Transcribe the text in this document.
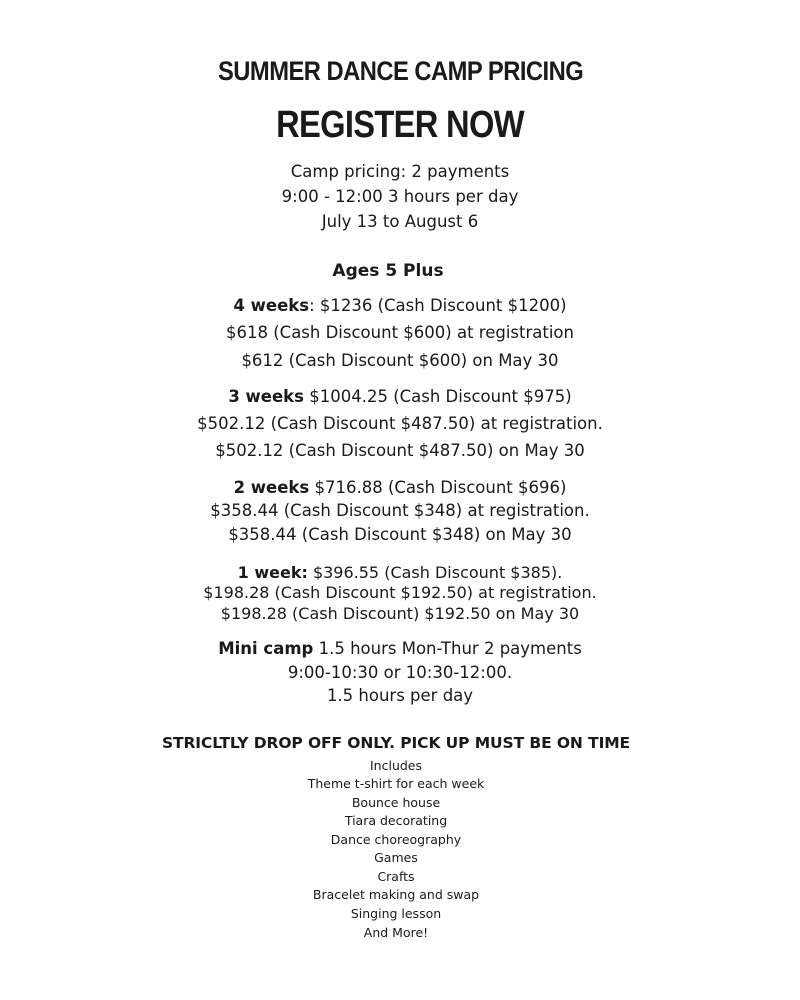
SUMMER DANCE CAMP PRICING
REGISTER NOW
Camp pricing: 2 payments
9:00 - 12:00 3 hours per day
July 13 to August 6
Ages 5 Plus
4 weeks: $1236 (Cash Discount $1200)
$618 (Cash Discount $600) at registration
$612 (Cash Discount $600) on May 30
3 weeks $1004.25 (Cash Discount $975)
$502.12 (Cash Discount $487.50) at registration.
$502.12 (Cash Discount $487.50) on May 30
2 weeks $716.88 (Cash Discount $696)
$358.44 (Cash Discount $348) at registration.
$358.44 (Cash Discount $348) on May 30
1 week: $396.55 (Cash Discount $385).
$198.28 (Cash Discount $192.50) at registration.
$198.28 (Cash Discount) $192.50 on May 30
Mini camp 1.5 hours Mon-Thur 2 payments
9:00-10:30 or 10:30-12:00.
1.5 hours per day
STRICLTLY DROP OFF ONLY. PICK UP MUST BE ON TIME
Includes
Theme t-shirt for each week
Bounce house
Tiara decorating
Dance choreography
Games
Crafts
Bracelet making and swap
Singing lesson
And More!
